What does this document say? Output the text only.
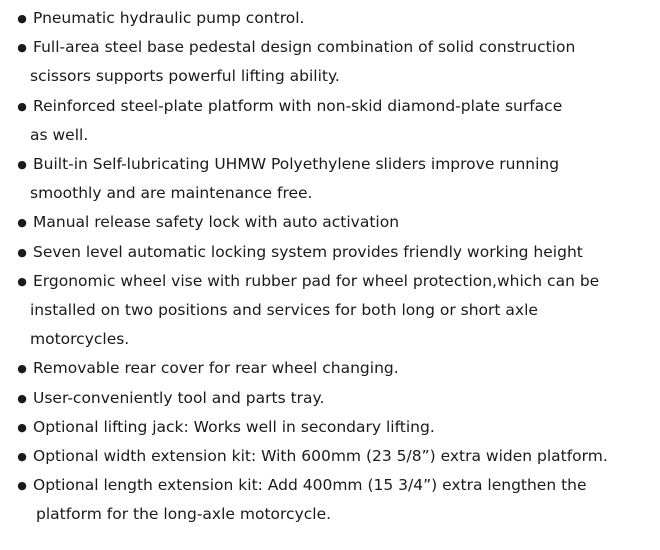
● Pneumatic hydraulic pump control.
● Full-area steel base pedestal design combination of solid construction
scissors supports powerful lifting ability.
● Reinforced steel-plate platform with non-skid diamond-plate surface
as well.
● Built-in Self-lubricating UHMW Polyethylene sliders improve running
smoothly and are maintenance free.
● Manual release safety lock with auto activation
● Seven level automatic locking system provides friendly working height
● Ergonomic wheel vise with rubber pad for wheel protection,which can be
installed on two positions and services for both long or short axle
motorcycles.
● Removable rear cover for rear wheel changing.
● User-conveniently tool and parts tray.
● Optional lifting jack: Works well in secondary lifting.
● Optional width extension kit: With 600mm (23 5/8”) extra widen platform.
● Optional length extension kit: Add 400mm (15 3/4”) extra lengthen the
platform for the long-axle motorcycle.
